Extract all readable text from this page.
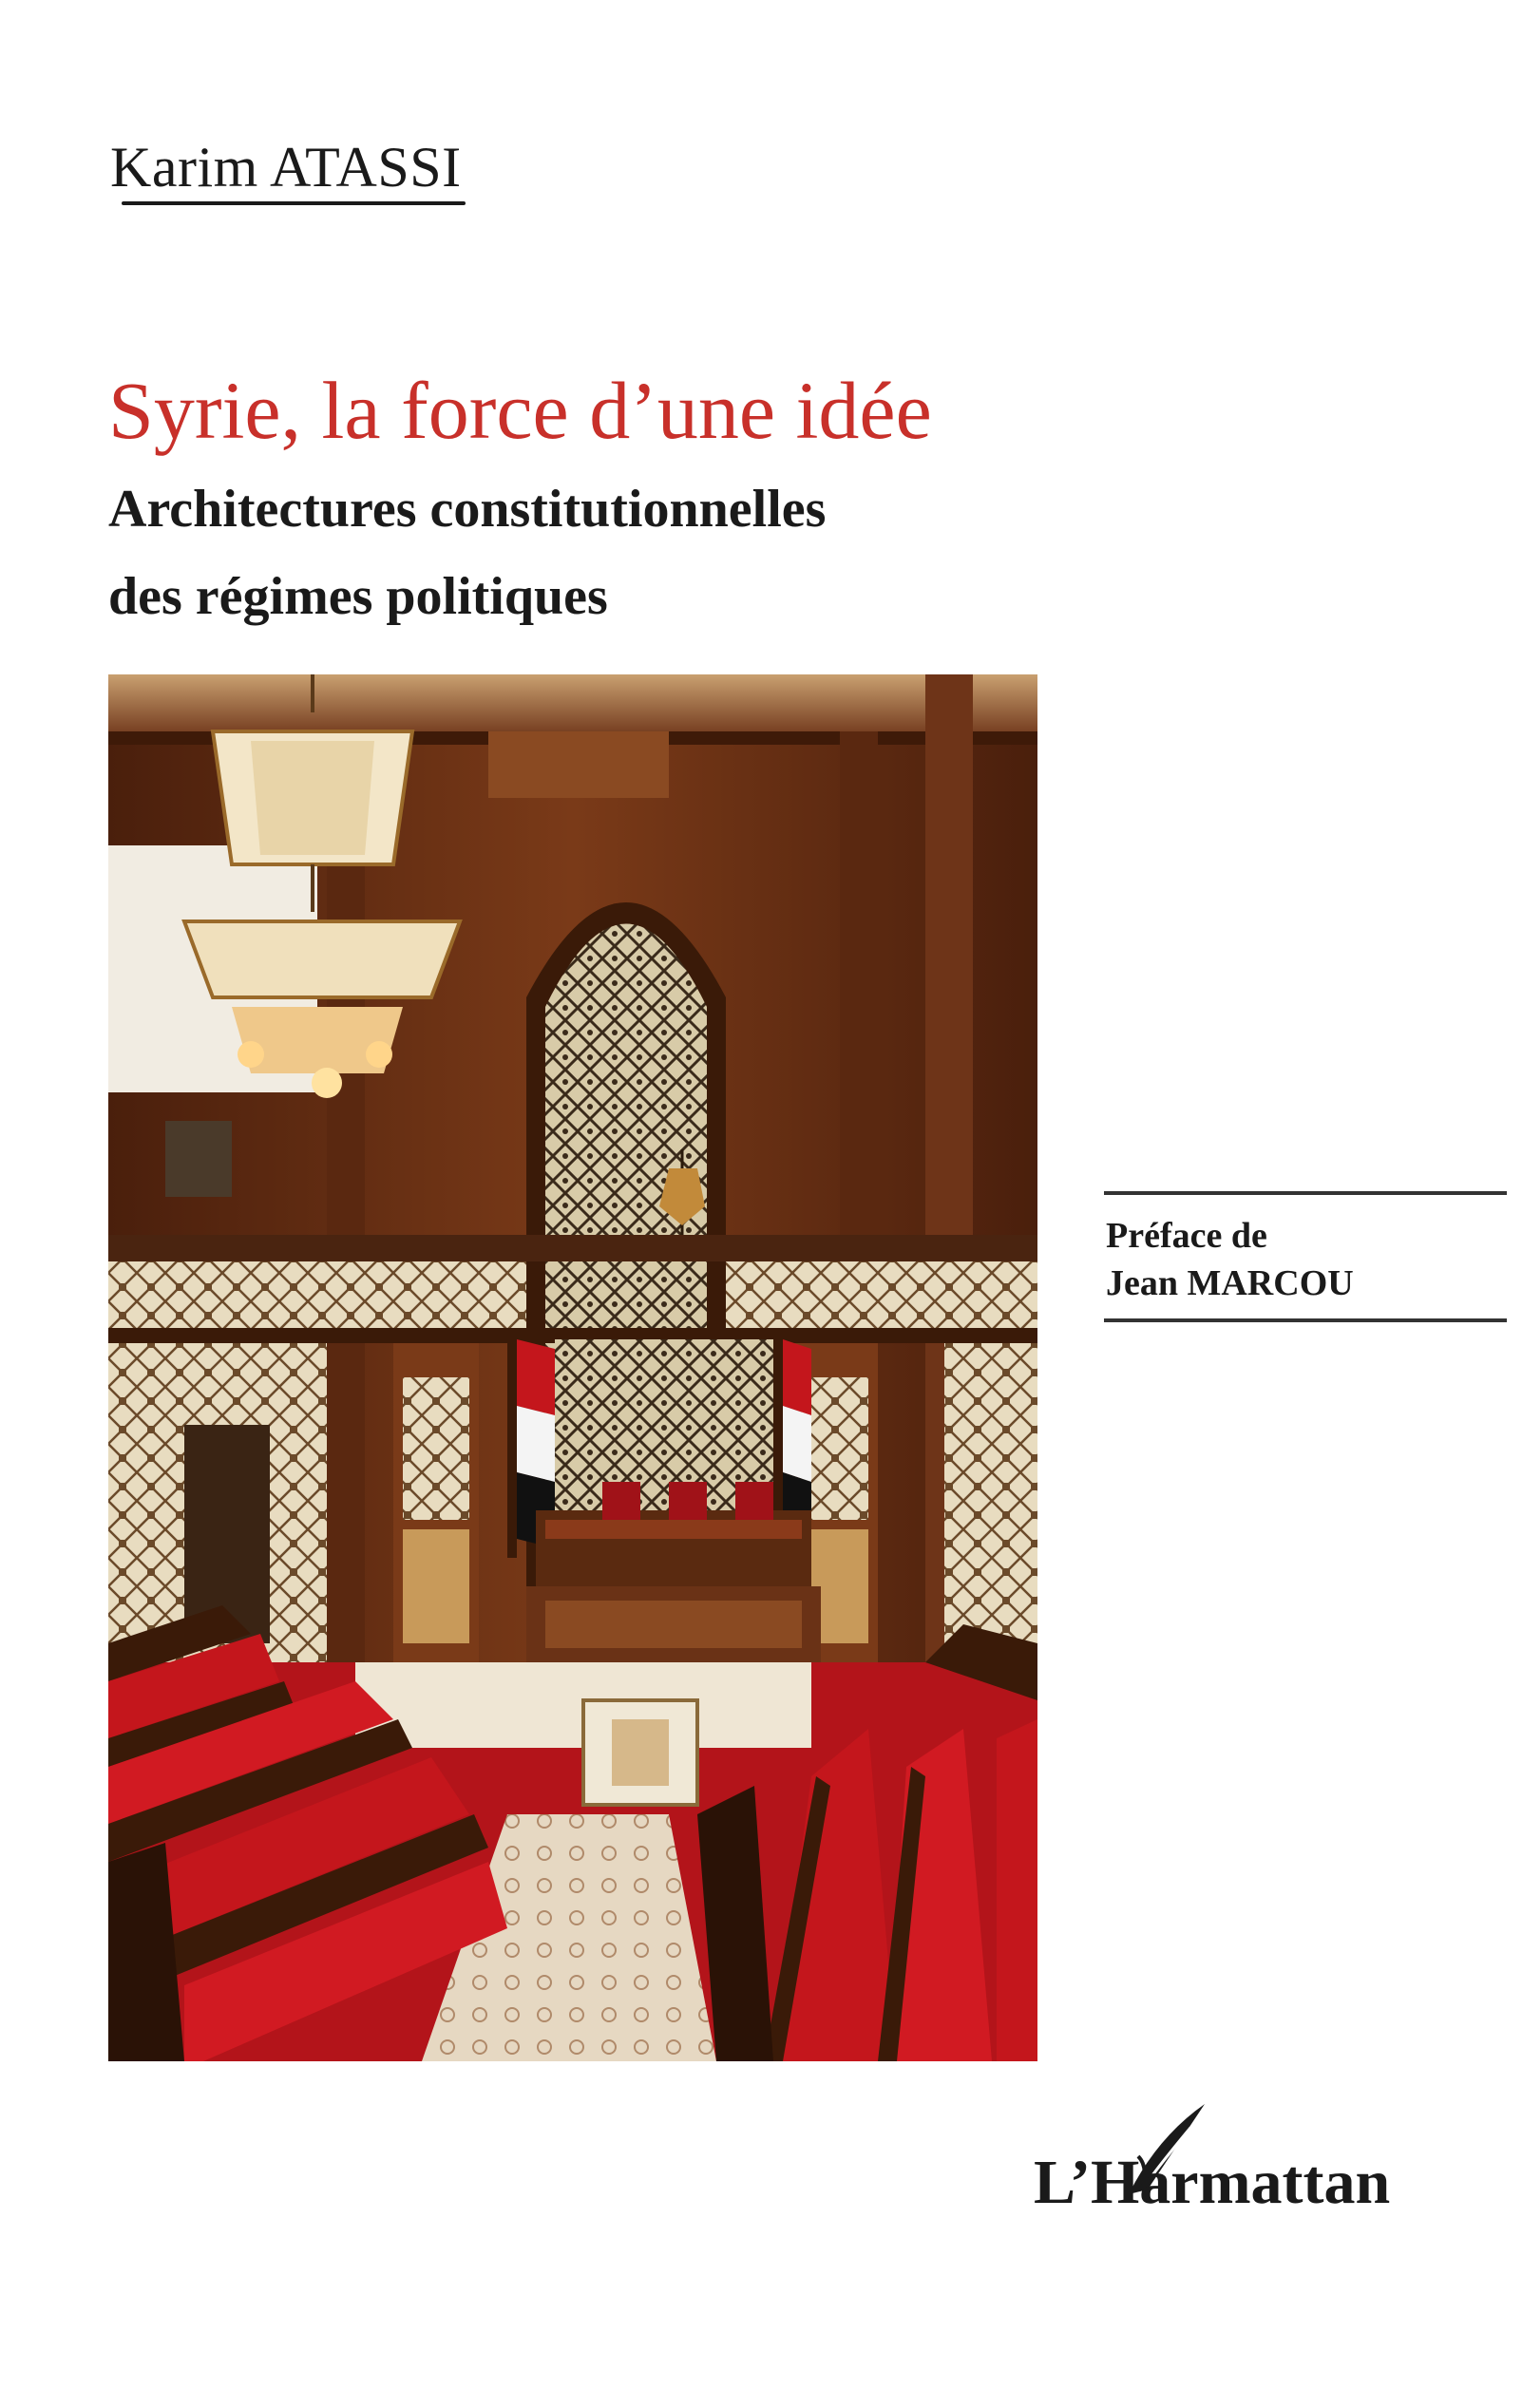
Karim ATASSI
Syrie, la force d’une idée
Architectures constitutionnelles
des régimes politiques
Préface de
Jean MARCOU
L’Harmattan
